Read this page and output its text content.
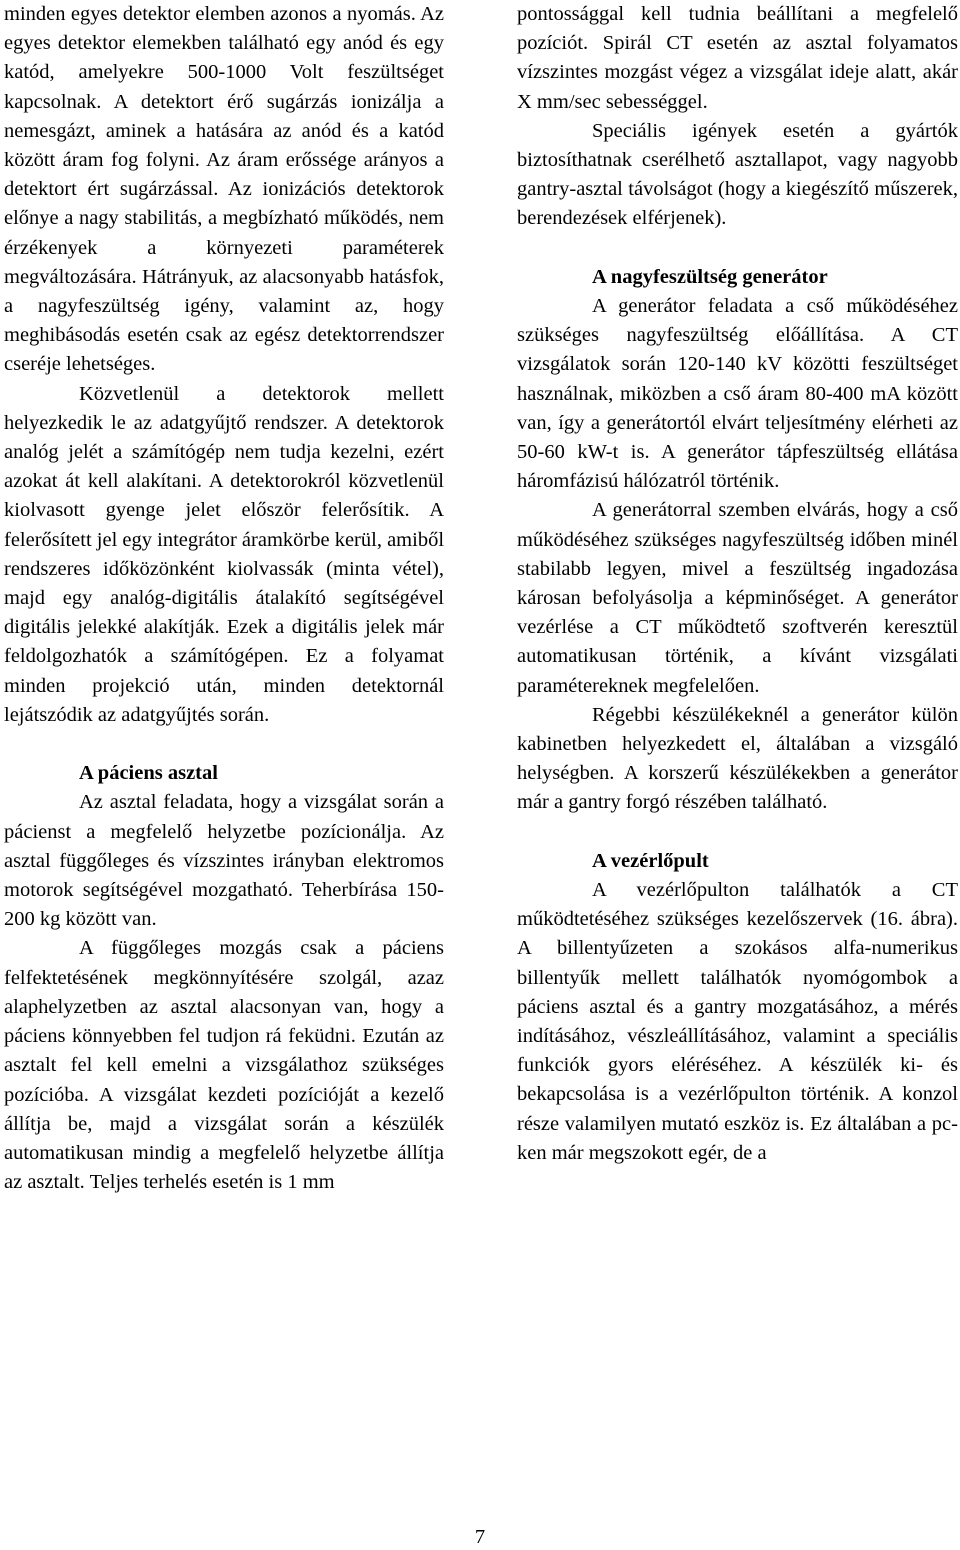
minden egyes detektor elemben azonos a nyomás. Az egyes detektor elemekben található egy anód és egy katód, amelyekre 500-1000 Volt feszültséget kapcsolnak. A detektort érő sugárzás ionizálja a nemesgázt, aminek a hatására az anód és a katód között áram fog folyni. Az áram erőssége arányos a detektort ért sugárzással. Az ionizációs detektorok előnye a nagy stabilitás, a megbízható működés, nem érzékenyek a környezeti paraméterek megváltozására. Hátrányuk, az alacsonyabb hatásfok, a nagyfeszültség igény, valamint az, hogy meghibásodás esetén csak az egész detektorrendszer cseréje lehetséges.

Közvetlenül a detektorok mellett helyezkedik le az adatgyűjtő rendszer. A detektorok analóg jelét a számítógép nem tudja kezelni, ezért azokat át kell alakítani. A detektorokról közvetlenül kiolvasott gyenge jelet először felerősítik. A felerősített jel egy integrátor áramkörbe kerül, amiből rendszeres időközönként kiolvassák (minta vétel), majd egy analóg-digitális átalakító segítségével digitális jelekké alakítják. Ezek a digitális jelek már feldolgozhatók a számítógépen. Ez a folyamat minden projekció után, minden detektornál lejátszódik az adatgyűjtés során.

A páciens asztal

Az asztal feladata, hogy a vizsgálat során a pácienst a megfelelő helyzetbe pozícionálja. Az asztal függőleges és vízszintes irányban elektromos motorok segítségével mozgatható. Teherbírása 150-200 kg között van.

A függőleges mozgás csak a páciens felfektetésének megkönnyítésére szolgál, azaz alaphelyzetben az asztal alacsonyan van, hogy a páciens könnyebben fel tudjon rá feküdni. Ezután az asztalt fel kell emelni a vizsgálathoz szükséges pozícióba. A vizsgálat kezdeti pozícióját a kezelő állítja be, majd a vizsgálat során a készülék automatikusan mindig a megfelelő helyzetbe állítja az asztalt. Teljes terhelés esetén is 1 mm

pontossággal kell tudnia beállítani a megfelelő pozíciót. Spirál CT esetén az asztal folyamatos vízszintes mozgást végez a vizsgálat ideje alatt, akár X mm/sec sebességgel.

Speciális igények esetén a gyártók biztosíthatnak cserélhető asztallapot, vagy nagyobb gantry-asztal távolságot (hogy a kiegészítő műszerek, berendezések elférjenek).

A nagyfeszültség generátor

A generátor feladata a cső működéséhez szükséges nagyfeszültség előállítása. A CT vizsgálatok során 120-140 kV közötti feszültséget használnak, miközben a cső áram 80-400 mA között van, így a generátortól elvárt teljesítmény elérheti az 50-60 kW-t is. A generátor tápfeszültség ellátása háromfázisú hálózatról történik.

A generátorral szemben elvárás, hogy a cső működéséhez szükséges nagyfeszültség időben minél stabilabb legyen, mivel a feszültség ingadozása károsan befolyásolja a képminőséget. A generátor vezérlése a CT működtető szoftverén keresztül automatikusan történik, a kívánt vizsgálati paramétereknek megfelelően.

Régebbi készülékeknél a generátor külön kabinetben helyezkedett el, általában a vizsgáló helységben. A korszerű készülékekben a generátor már a gantry forgó részében található.

A vezérlőpult

A vezérlőpulton találhatók a CT működtetéséhez szükséges kezelőszervek (16. ábra). A billentyűzeten a szokásos alfa-numerikus billentyűk mellett találhatók nyomógombok a páciens asztal és a gantry mozgatásához, a mérés indításához, vészleállításához, valamint a speciális funkciók gyors eléréséhez. A készülék ki- és bekapcsolása is a vezérlőpulton történik. A konzol része valamilyen mutató eszköz is. Ez általában a pc-ken már megszokott egér, de a

7
